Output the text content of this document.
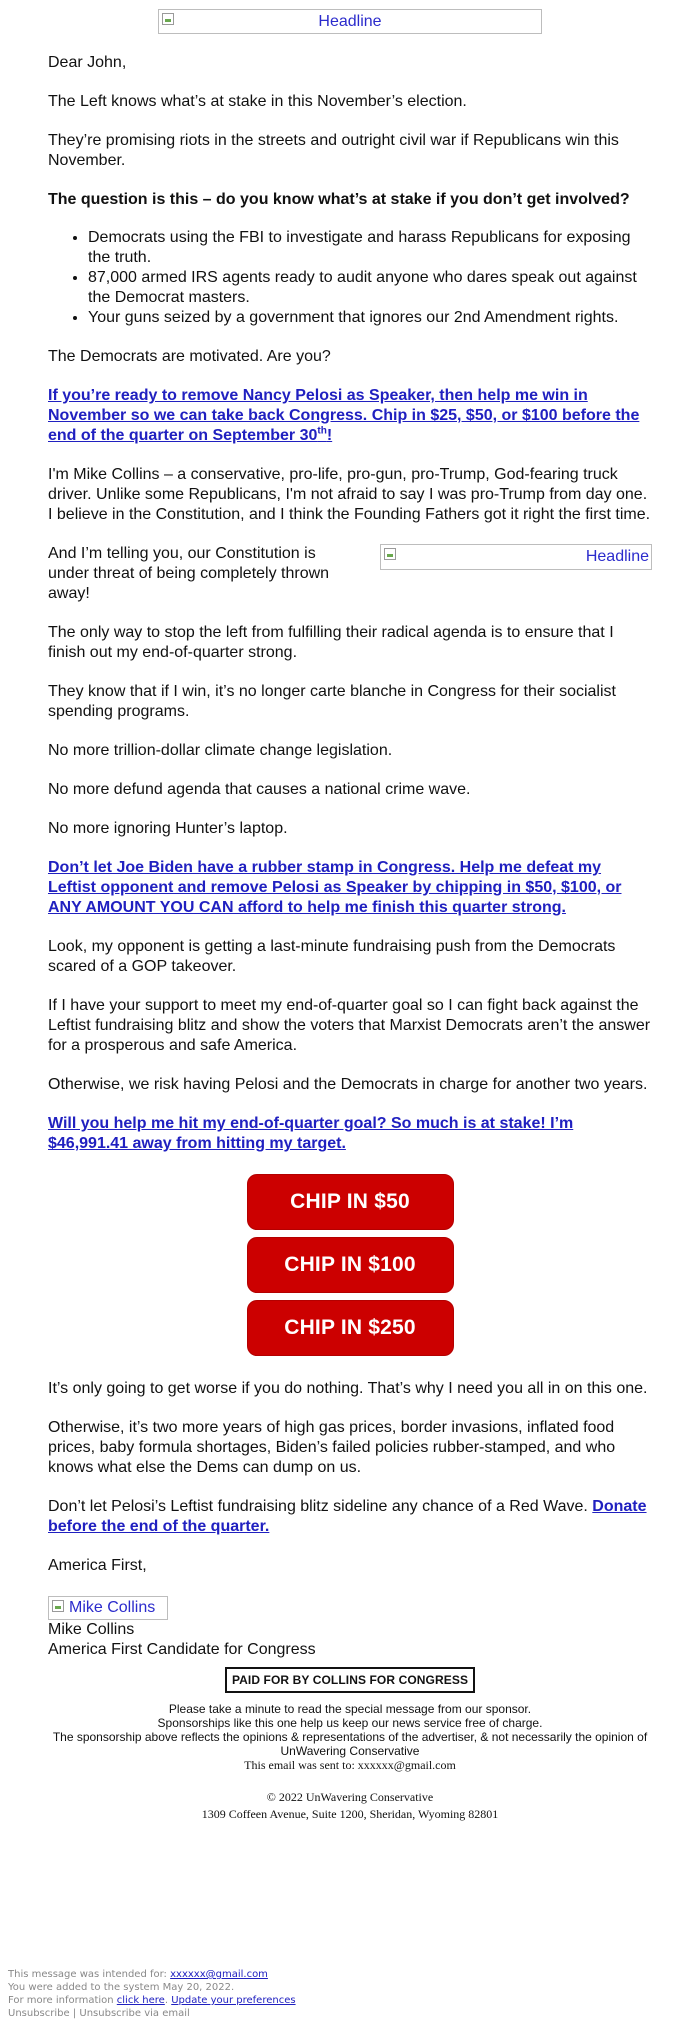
Headline

Dear John,

The Left knows what’s at stake in this November’s election.

They’re promising riots in the streets and outright civil war if Republicans win this November.

The question is this – do you know what’s at stake if you don’t get involved?

• Democrats using the FBI to investigate and harass Republicans for exposing the truth.
• 87,000 armed IRS agents ready to audit anyone who dares speak out against the Democrat masters.
• Your guns seized by a government that ignores our 2nd Amendment rights.

The Democrats are motivated. Are you?

If you’re ready to remove Nancy Pelosi as Speaker, then help me win in November so we can take back Congress. Chip in $25, $50, or $100 before the end of the quarter on September 30th!

I'm Mike Collins – a conservative, pro-life, pro-gun, pro-Trump, God-fearing truck driver. Unlike some Republicans, I'm not afraid to say I was pro-Trump from day one. I believe in the Constitution, and I think the Founding Fathers got it right the first time.

And I’m telling you, our Constitution is under threat of being completely thrown away!

Headline

The only way to stop the left from fulfilling their radical agenda is to ensure that I finish out my end-of-quarter strong.

They know that if I win, it’s no longer carte blanche in Congress for their socialist spending programs.

No more trillion-dollar climate change legislation.

No more defund agenda that causes a national crime wave.

No more ignoring Hunter’s laptop.

Don’t let Joe Biden have a rubber stamp in Congress. Help me defeat my Leftist opponent and remove Pelosi as Speaker by chipping in $50, $100, or ANY AMOUNT YOU CAN afford to help me finish this quarter strong.

Look, my opponent is getting a last-minute fundraising push from the Democrats scared of a GOP takeover.

If I have your support to meet my end-of-quarter goal so I can fight back against the Leftist fundraising blitz and show the voters that Marxist Democrats aren’t the answer for a prosperous and safe America.

Otherwise, we risk having Pelosi and the Democrats in charge for another two years.

Will you help me hit my end-of-quarter goal? So much is at stake! I’m $46,991.41 away from hitting my target.

CHIP IN $50
CHIP IN $100
CHIP IN $250

It’s only going to get worse if you do nothing. That’s why I need you all in on this one.

Otherwise, it’s two more years of high gas prices, border invasions, inflated food prices, baby formula shortages, Biden’s failed policies rubber-stamped, and who knows what else the Dems can dump on us.

Don’t let Pelosi’s Leftist fundraising blitz sideline any chance of a Red Wave. Donate before the end of the quarter.

America First,

Mike Collins

Mike Collins

America First Candidate for Congress

PAID FOR BY COLLINS FOR CONGRESS
Please take a minute to read the special message from our sponsor.
Sponsorships like this one help us keep our news service free of charge.
The sponsorship above reflects the opinions & representations of the advertiser, & not necessarily the opinion of UnWavering Conservative
This email was sent to: xxxxxx@gmail.com
© 2022 UnWavering Conservative
1309 Coffeen Avenue, Suite 1200, Sheridan, Wyoming 82801
This message was intended for: xxxxxx@gmail.com
You were added to the system May 20, 2022.
For more information click here. Update your preferences
Unsubscribe | Unsubscribe via email
